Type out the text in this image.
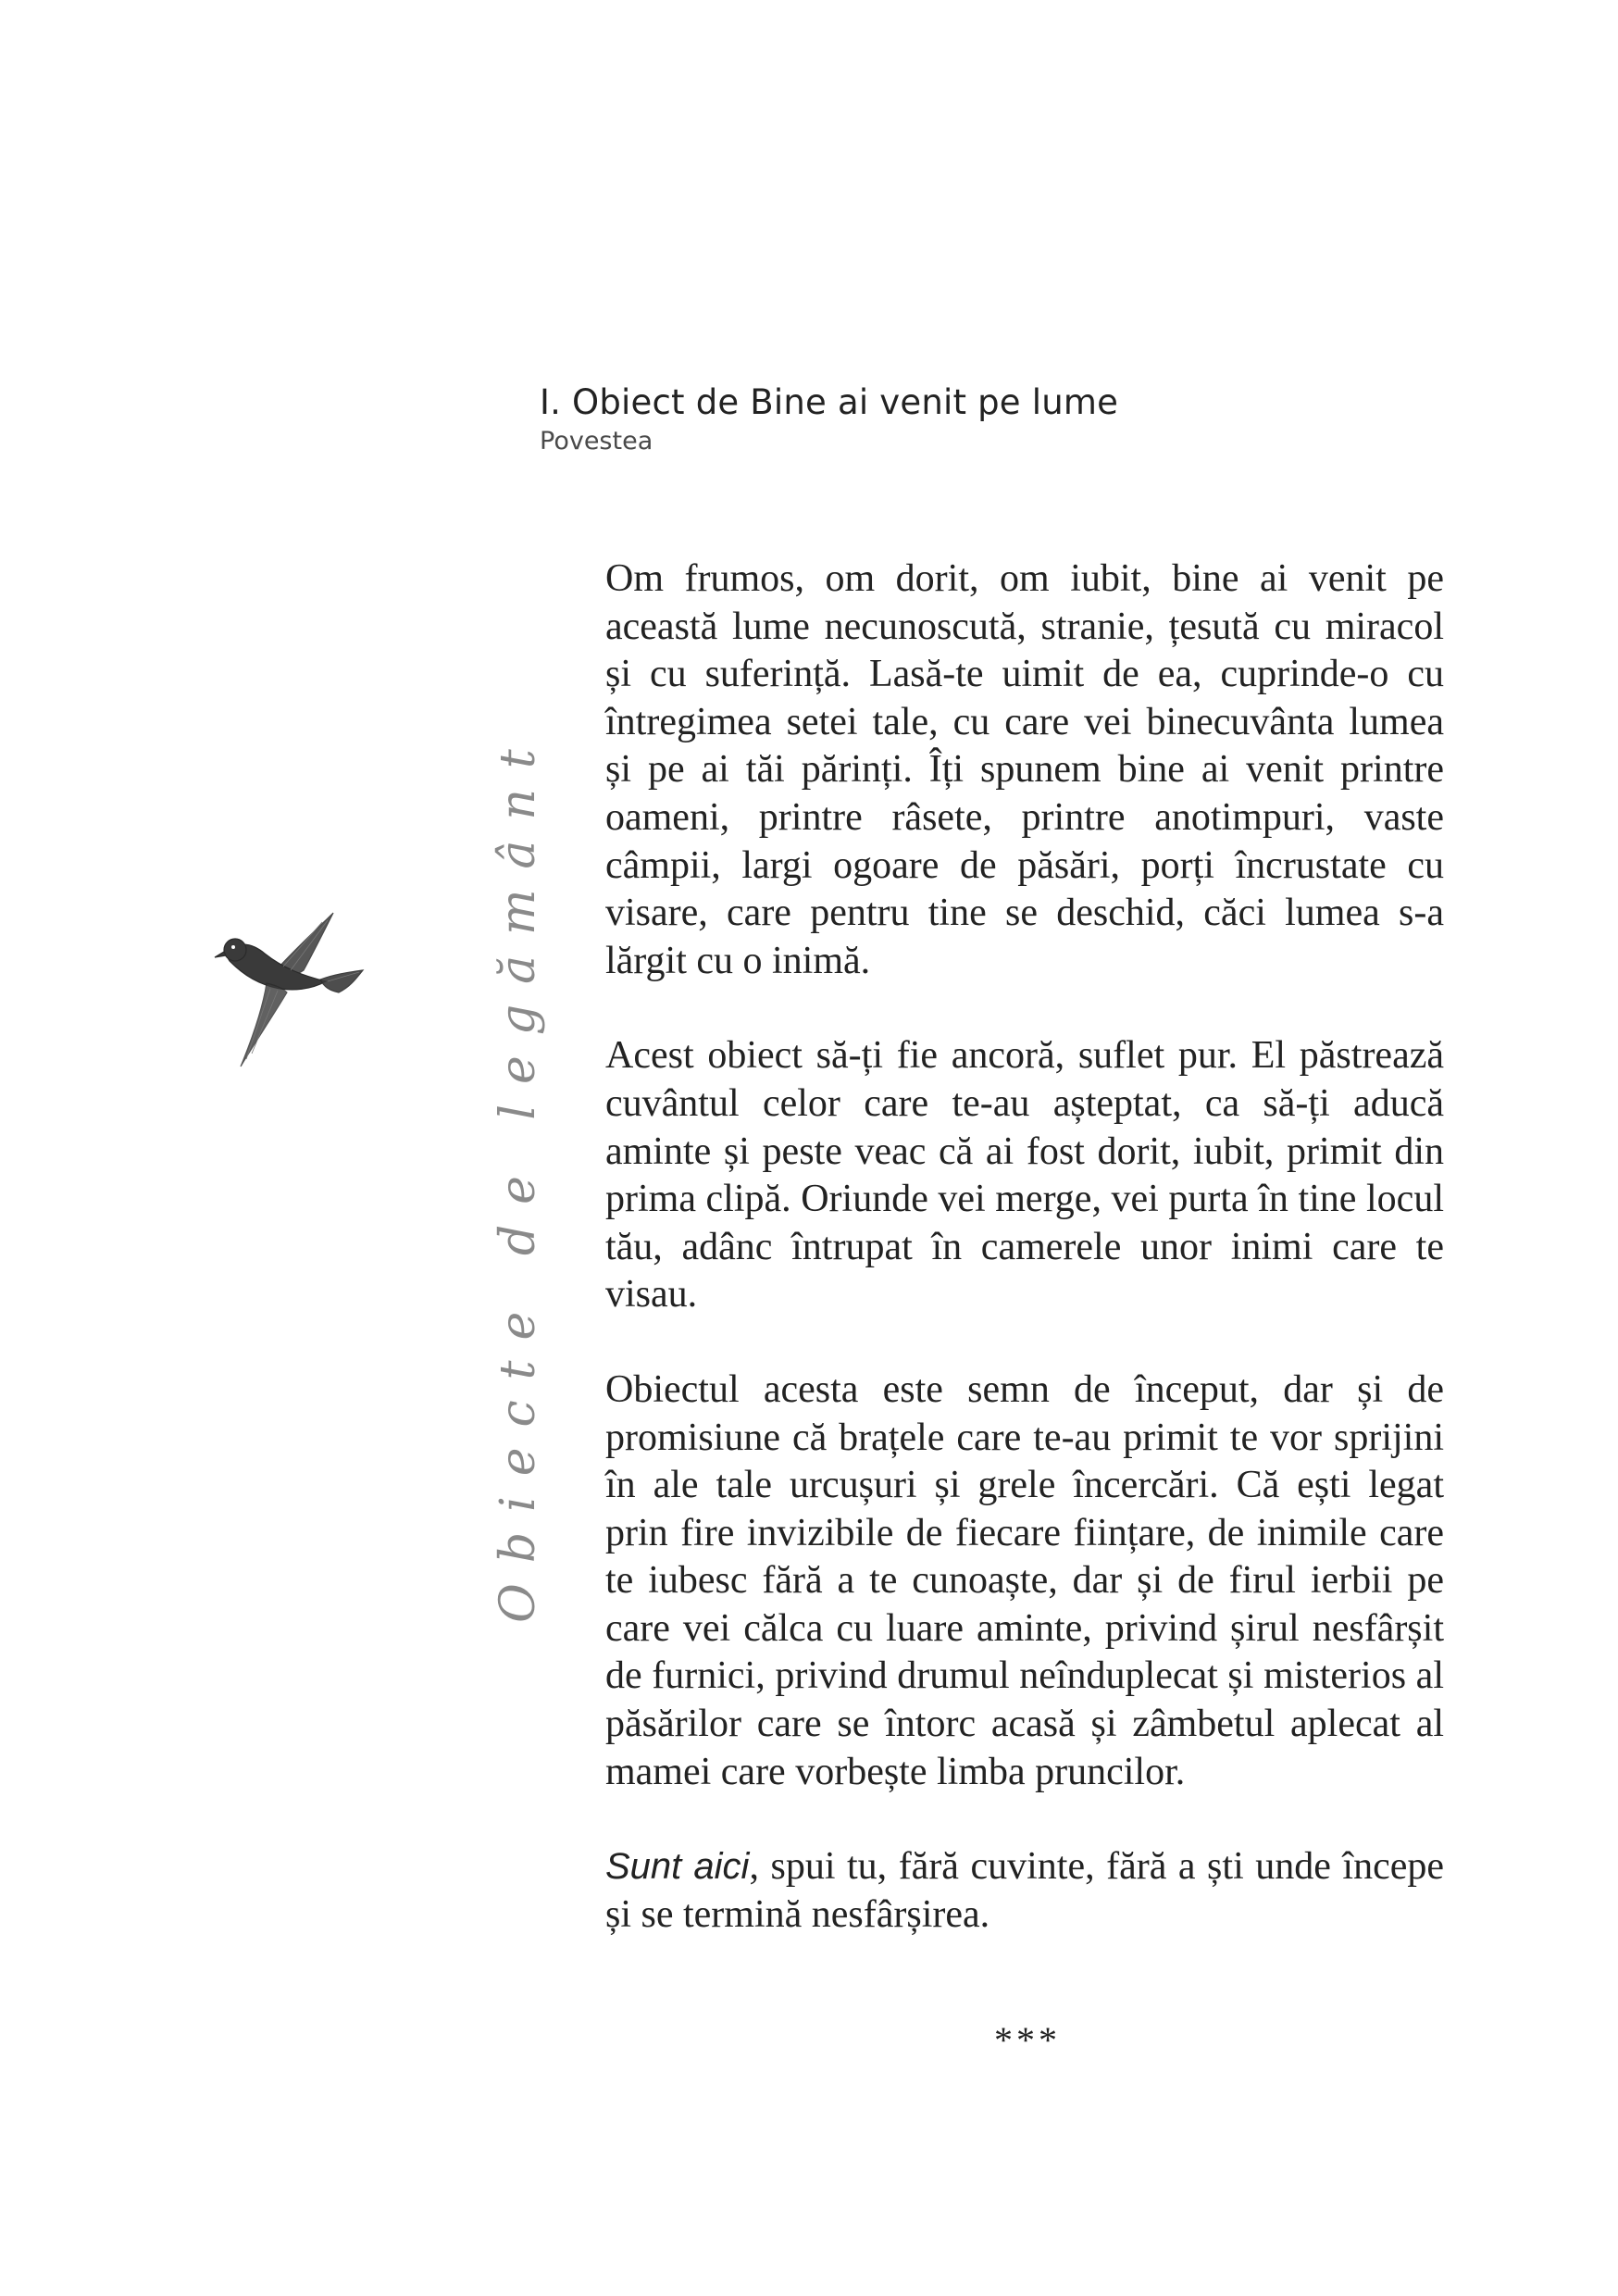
I. Obiect de Bine ai venit pe lume
Povestea
Obiecte de legământ

Om frumos, om dorit, om iubit, bine ai venit pe această lume necunoscută, stranie, țesută cu miracol și cu suferință. Lasă-te uimit de ea, cuprinde-o cu întregimea setei tale, cu care vei binecuvânta lumea și pe ai tăi părinți. Îți spunem bine ai venit printre oameni, printre râsete, printre anotimpuri, vaste câmpii, largi ogoare de păsări, porți încrustate cu visare, care pentru tine se deschid, căci lumea s-a lărgit cu o inimă.

Acest obiect să-ți fie ancoră, suflet pur. El păstrează cuvântul celor care te-au așteptat, ca să-ți aducă aminte și peste veac că ai fost dorit, iubit, primit din prima clipă. Oriunde vei merge, vei purta în tine locul tău, adânc întrupat în camerele unor inimi care te visau.

Obiectul acesta este semn de început, dar și de promisiune că brațele care te-au primit te vor sprijini în ale tale urcușuri și grele încercări. Că ești legat prin fire invizibile de fiecare ființare, de inimile care te iubesc fără a te cunoaște, dar și de firul ierbii pe care vei călca cu luare aminte, privind șirul nesfârșit de furnici, privind drumul neînduplecat și misterios al păsărilor care se întorc acasă și zâmbetul aplecat al mamei care vorbește limba pruncilor.

Sunt aici, spui tu, fără cuvinte, fără a ști unde începe și se termină nesfârșirea.

***
